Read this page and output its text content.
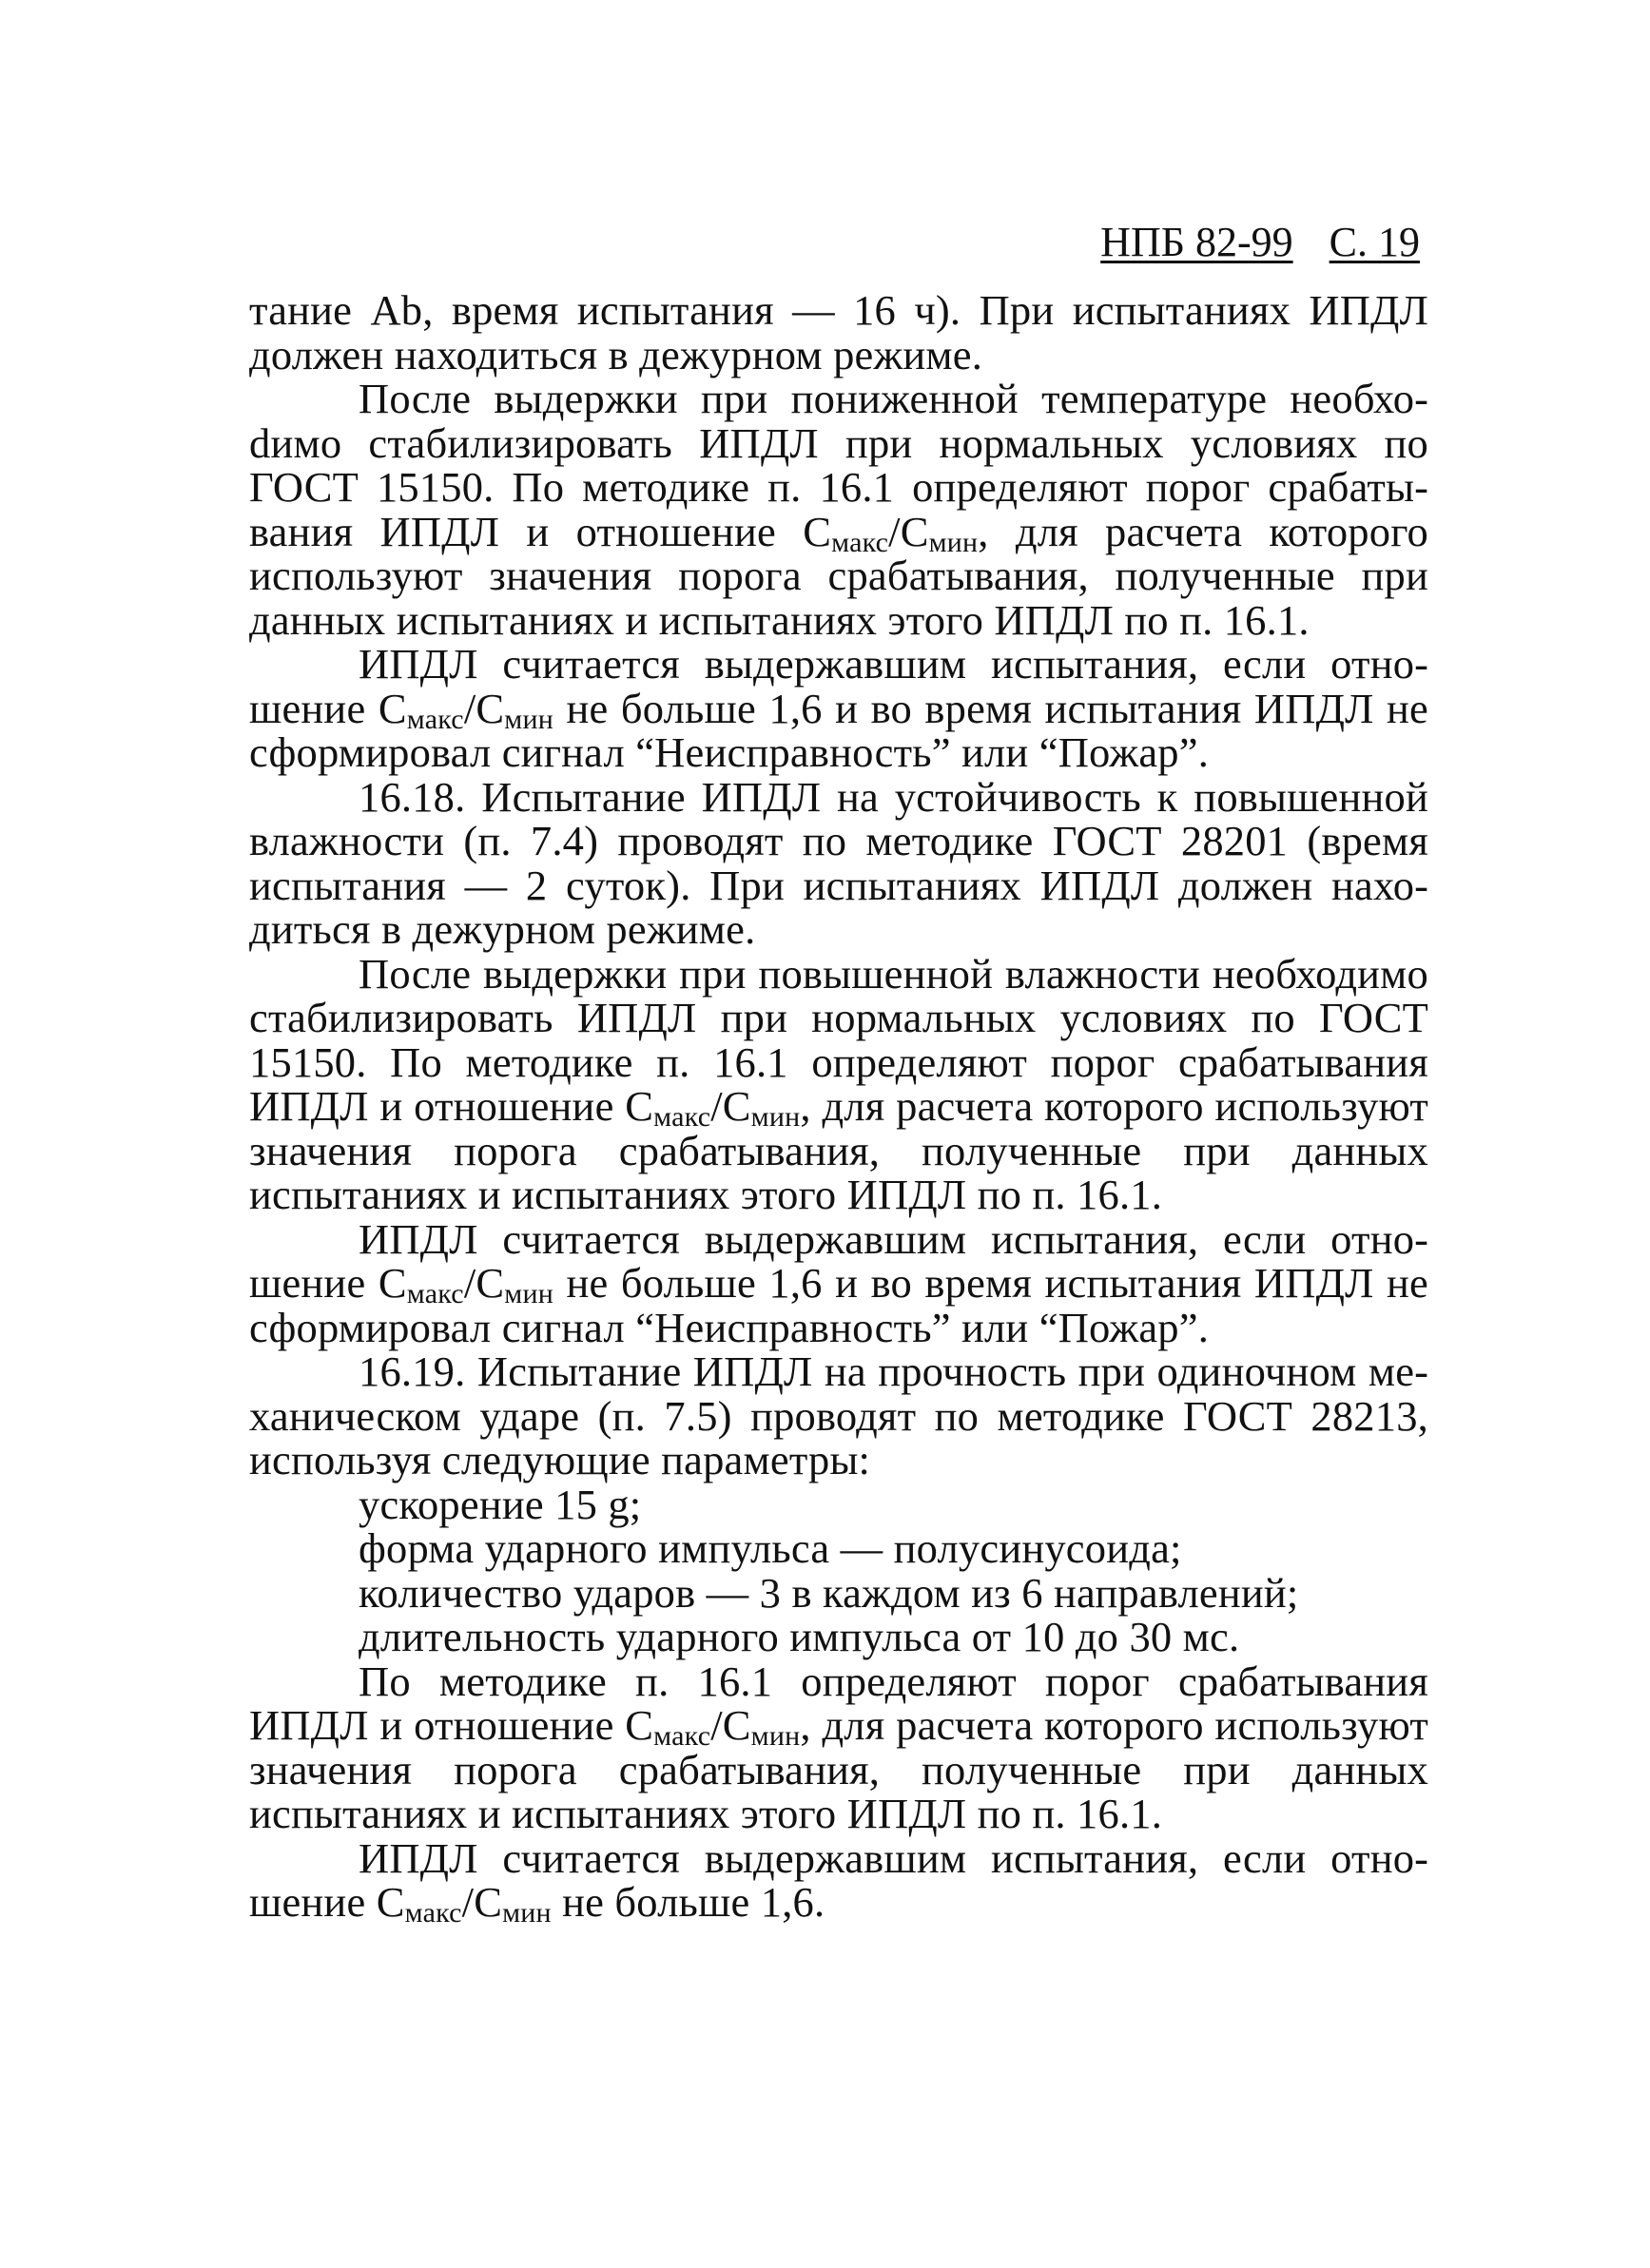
НПБ 82-99 С. 19

тание Ab, время испытания — 16 ч). При испытаниях ИПДЛ должен находиться в дежурном режиме.

После выдержки при пониженной температуре необхоdимо стабилизировать ИПДЛ при нормальных условиях по ГОСТ 15150. По методике п. 16.1 определяют порог срабатывания ИПДЛ и отношение $С_{макс}/С_{мин}$, для расчета которого используют значения порога срабатывания, полученные при данных испытаниях и испытаниях этого ИПДЛ по п. 16.1.

ИПДЛ считается выдержавшим испытания, если отношение $С_{макс}/С_{мин}$ не больше 1,6 и во время испытания ИПДЛ не сформировал сигнал “Неисправность” или “Пожар”.

16.18. Испытание ИПДЛ на устойчивость к повышенной влажности (п. 7.4) проводят по методике ГОСТ 28201 (время испытания — 2 суток). При испытаниях ИПДЛ должен находиться в дежурном режиме.

После выдержки при повышенной влажности необходимо стабилизировать ИПДЛ при нормальных условиях по ГОСТ 15150. По методике п. 16.1 определяют порог срабатывания ИПДЛ и отношение $С_{макс}/С_{мин}$, для расчета которого используют значения порога срабатывания, полученные при данных испытаниях и испытаниях этого ИПДЛ по п. 16.1.

ИПДЛ считается выдержавшим испытания, если отношение $С_{макс}/С_{мин}$ не больше 1,6 и во время испытания ИПДЛ не сформировал сигнал “Неисправность” или “Пожар”.

16.19. Испытание ИПДЛ на прочность при одиночном механическом ударе (п. 7.5) проводят по методике ГОСТ 28213, используя следующие параметры:

ускорение 15 g;

форма ударного импульса — полусинусоида;

количество ударов — 3 в каждом из 6 направлений;

длительность ударного импульса от 10 до 30 мс.

По методике п. 16.1 определяют порог срабатывания ИПДЛ и отношение $С_{макс}/С_{мин}$, для расчета которого используют значения порога срабатывания, полученные при данных испытаниях и испытаниях этого ИПДЛ по п. 16.1.

ИПДЛ считается выдержавшим испытания, если отношение $С_{макс}/С_{мин}$ не больше 1,6.
